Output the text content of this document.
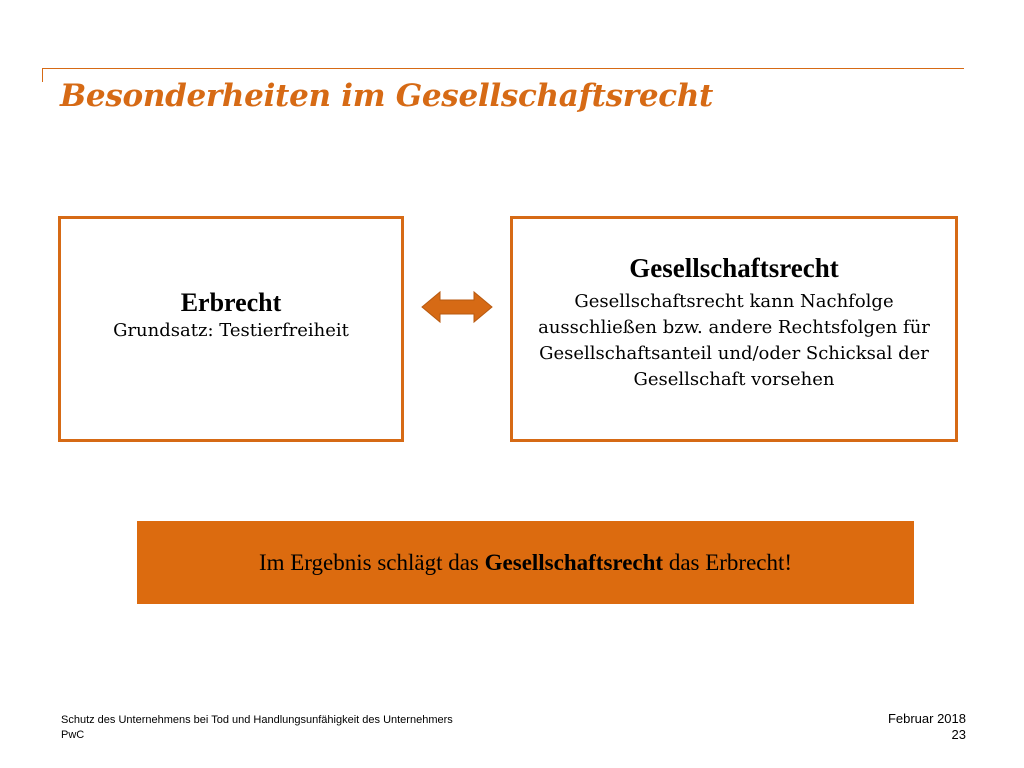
Besonderheiten im Gesellschaftsrecht
Erbrecht
Grundsatz: Testierfreiheit
Gesellschaftsrecht
Gesellschaftsrecht kann Nachfolge ausschließen bzw. andere Rechtsfolgen für Gesellschaftsanteil und/oder Schicksal der Gesellschaft vorsehen
Im Ergebnis schlägt das Gesellschaftsrecht das Erbrecht!
Schutz des Unternehmens bei Tod und Handlungsunfähigkeit des Unternehmers
PwC
Februar 2018
23
